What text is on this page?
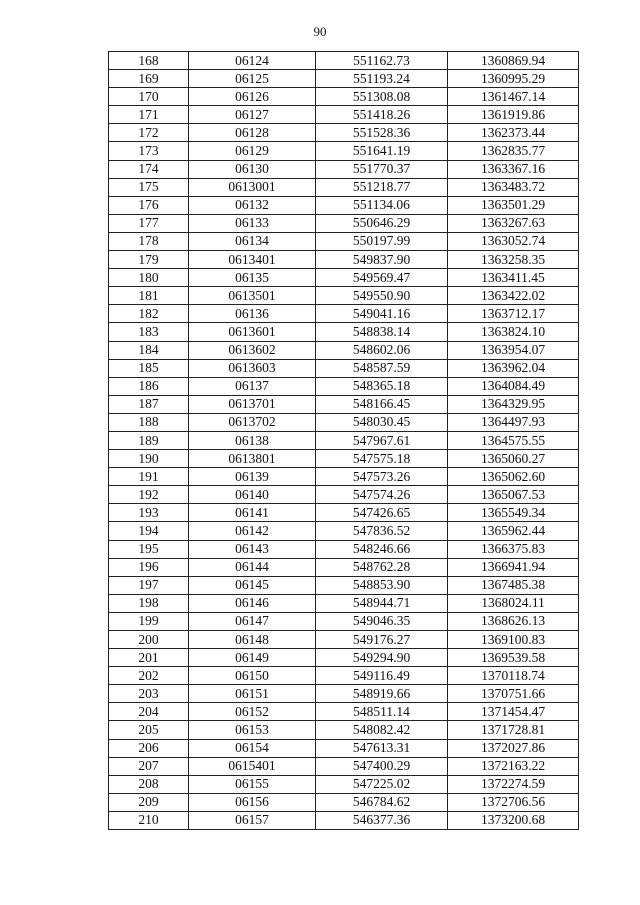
90
168	06124	551162.73	1360869.94
169	06125	551193.24	1360995.29
170	06126	551308.08	1361467.14
171	06127	551418.26	1361919.86
172	06128	551528.36	1362373.44
173	06129	551641.19	1362835.77
174	06130	551770.37	1363367.16
175	0613001	551218.77	1363483.72
176	06132	551134.06	1363501.29
177	06133	550646.29	1363267.63
178	06134	550197.99	1363052.74
179	0613401	549837.90	1363258.35
180	06135	549569.47	1363411.45
181	0613501	549550.90	1363422.02
182	06136	549041.16	1363712.17
183	0613601	548838.14	1363824.10
184	0613602	548602.06	1363954.07
185	0613603	548587.59	1363962.04
186	06137	548365.18	1364084.49
187	0613701	548166.45	1364329.95
188	0613702	548030.45	1364497.93
189	06138	547967.61	1364575.55
190	0613801	547575.18	1365060.27
191	06139	547573.26	1365062.60
192	06140	547574.26	1365067.53
193	06141	547426.65	1365549.34
194	06142	547836.52	1365962.44
195	06143	548246.66	1366375.83
196	06144	548762.28	1366941.94
197	06145	548853.90	1367485.38
198	06146	548944.71	1368024.11
199	06147	549046.35	1368626.13
200	06148	549176.27	1369100.83
201	06149	549294.90	1369539.58
202	06150	549116.49	1370118.74
203	06151	548919.66	1370751.66
204	06152	548511.14	1371454.47
205	06153	548082.42	1371728.81
206	06154	547613.31	1372027.86
207	0615401	547400.29	1372163.22
208	06155	547225.02	1372274.59
209	06156	546784.62	1372706.56
210	06157	546377.36	1373200.68
